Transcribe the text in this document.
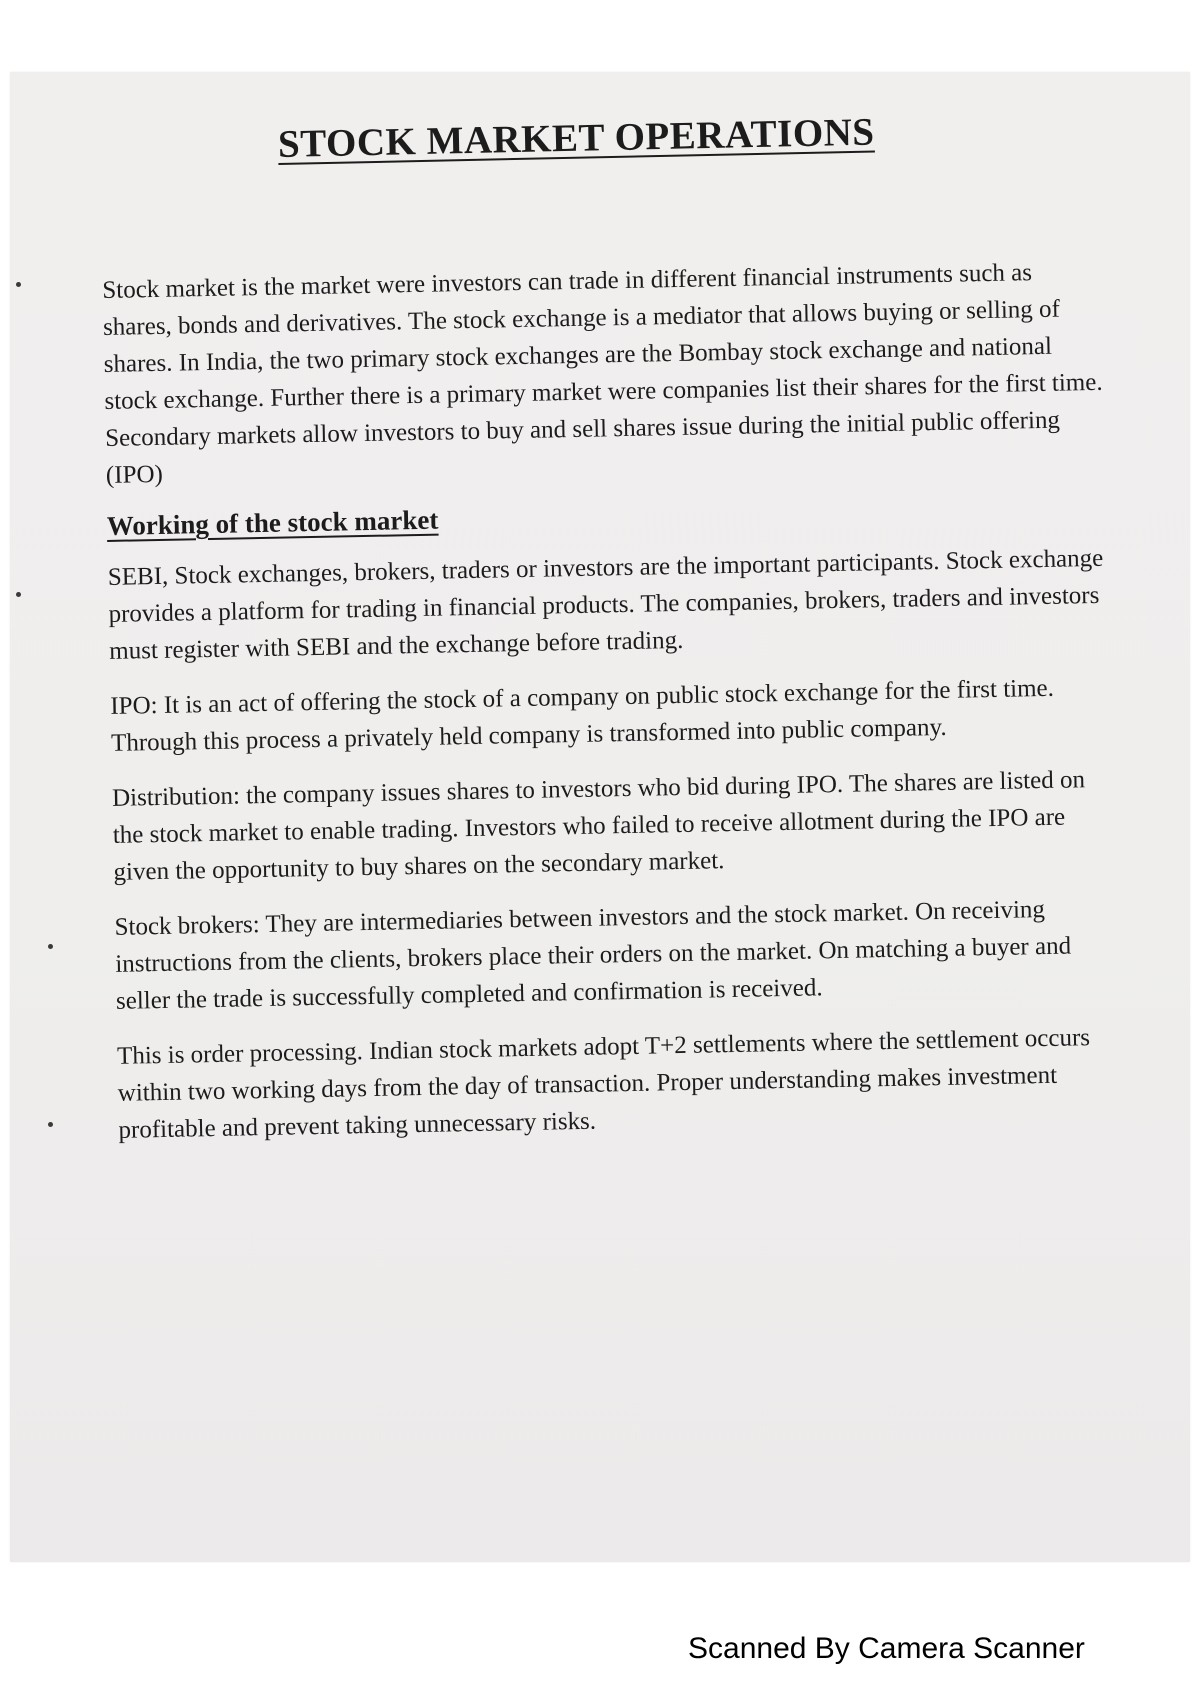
STOCK MARKET OPERATIONS

Stock market is the market were investors can trade in different financial instruments such as shares, bonds and derivatives. The stock exchange is a mediator that allows buying or selling of shares. In India, the two primary stock exchanges are the Bombay stock exchange and national stock exchange. Further there is a primary market were companies list their shares for the first time. Secondary markets allow investors to buy and sell shares issue during the initial public offering (IPO)

Working of the stock market

SEBI, Stock exchanges, brokers, traders or investors are the important participants. Stock exchange provides a platform for trading in financial products. The companies, brokers, traders and investors must register with SEBI and the exchange before trading.

IPO: It is an act of offering the stock of a company on public stock exchange for the first time. Through this process a privately held company is transformed into public company.

Distribution: the company issues shares to investors who bid during IPO. The shares are listed on the stock market to enable trading. Investors who failed to receive allotment during the IPO are given the opportunity to buy shares on the secondary market.

Stock brokers: They are intermediaries between investors and the stock market. On receiving instructions from the clients, brokers place their orders on the market. On matching a buyer and seller the trade is successfully completed and confirmation is received.

This is order processing. Indian stock markets adopt T+2 settlements where the settlement occurs within two working days from the day of transaction. Proper understanding makes investment profitable and prevent taking unnecessary risks.

Scanned By Camera Scanner
